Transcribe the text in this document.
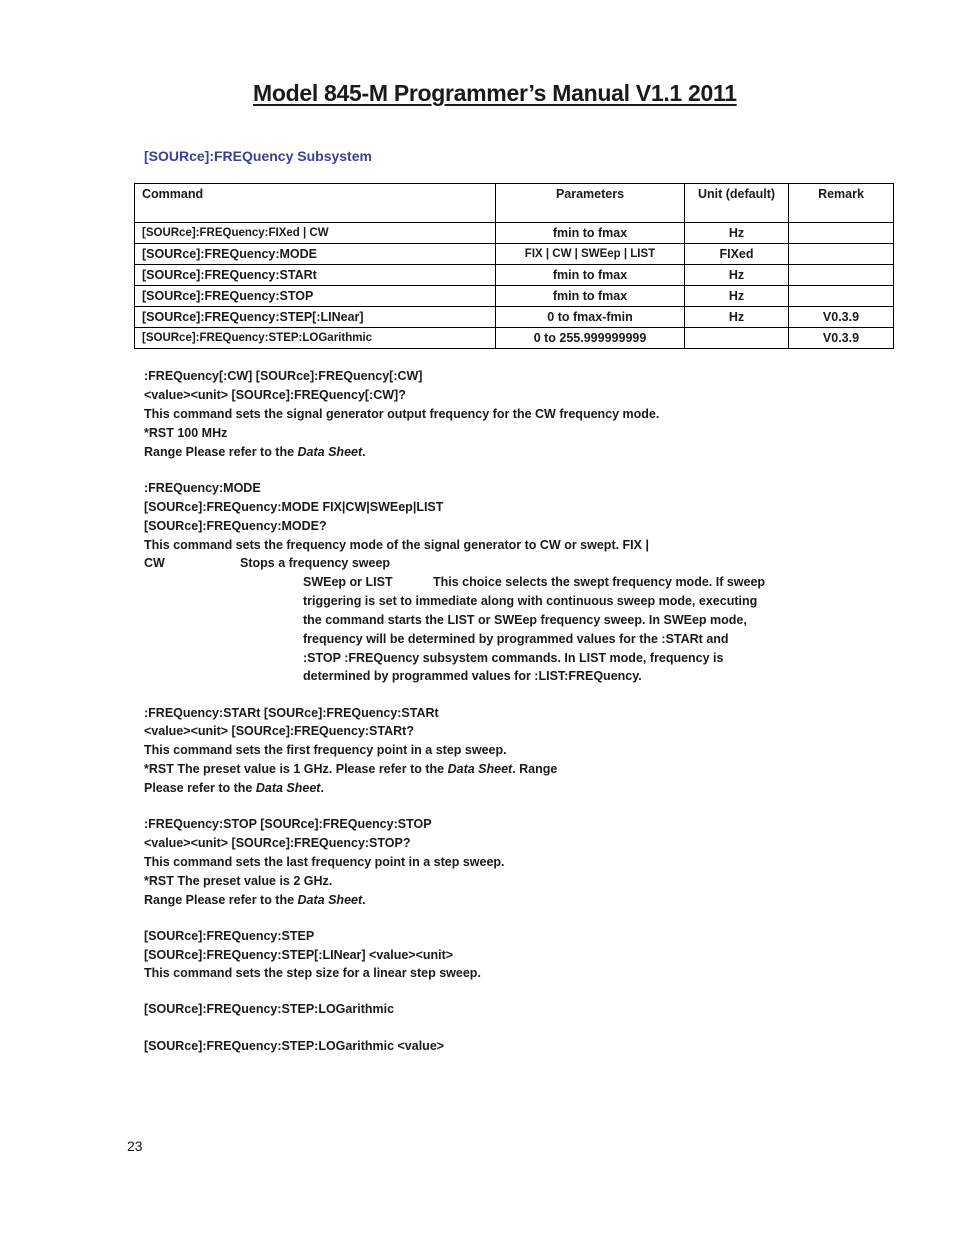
Model 845-M Programmer’s Manual V1.1 2011
[SOURce]:FREQuency Subsystem
Command	Parameters	Unit (default)	Remark
[SOURce]:FREQuency:FIXed | CW	fmin to fmax	Hz	
[SOURce]:FREQuency:MODE	FIX | CW | SWEep | LIST	FIXed	
[SOURce]:FREQuency:STARt	fmin to fmax	Hz	
[SOURce]:FREQuency:STOP	fmin to fmax	Hz	
[SOURce]:FREQuency:STEP[:LINear]	0 to fmax-fmin	Hz	V0.3.9
[SOURce]:FREQuency:STEP:LOGarithmic	0 to 255.999999999		V0.3.9
:FREQuency[:CW] [SOURce]:FREQuency[:CW]
<value><unit> [SOURce]:FREQuency[:CW]?
This command sets the signal generator output frequency for the CW frequency mode.
*RST 100 MHz
Range Please refer to the Data Sheet.
:FREQuency:MODE
[SOURce]:FREQuency:MODE FIX|CW|SWEep|LIST
[SOURce]:FREQuency:MODE?
This command sets the frequency mode of the signal generator to CW or swept. FIX |
CW	Stops a frequency sweep
SWEep or LIST	This choice selects the swept frequency mode. If sweep
triggering is set to immediate along with continuous sweep mode, executing
the command starts the LIST or SWEep frequency sweep. In SWEep mode,
frequency will be determined by programmed values for the :STARt and
:STOP :FREQuency subsystem commands. In LIST mode, frequency is
determined by programmed values for :LIST:FREQuency.
:FREQuency:STARt [SOURce]:FREQuency:STARt
<value><unit> [SOURce]:FREQuency:STARt?
This command sets the first frequency point in a step sweep.
*RST The preset value is 1 GHz. Please refer to the Data Sheet. Range
Please refer to the Data Sheet.
:FREQuency:STOP [SOURce]:FREQuency:STOP
<value><unit> [SOURce]:FREQuency:STOP?
This command sets the last frequency point in a step sweep.
*RST The preset value is 2 GHz.
Range Please refer to the Data Sheet.
[SOURce]:FREQuency:STEP
[SOURce]:FREQuency:STEP[:LINear] <value><unit>
This command sets the step size for a linear step sweep.
[SOURce]:FREQuency:STEP:LOGarithmic
[SOURce]:FREQuency:STEP:LOGarithmic <value>
23
